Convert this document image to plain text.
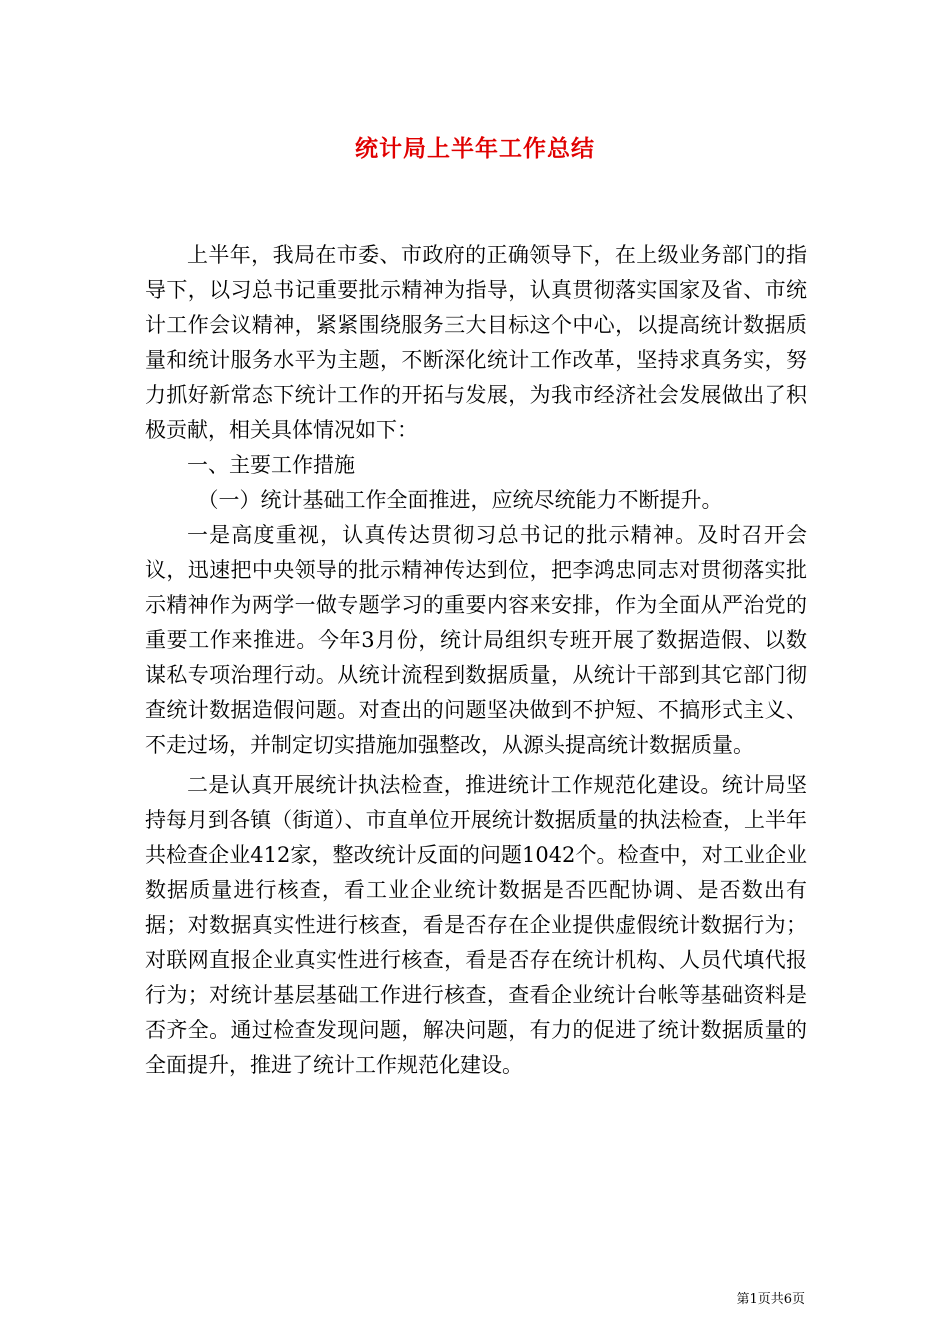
统计局上半年工作总结

上半年，我局在市委、市政府的正确领导下，在上级业务部门的指导下，以习总书记重要批示精神为指导，认真贯彻落实国家及省、市统计工作会议精神，紧紧围绕服务三大目标这个中心，以提高统计数据质量和统计服务水平为主题，不断深化统计工作改革，坚持求真务实，努力抓好新常态下统计工作的开拓与发展，为我市经济社会发展做出了积极贡献，相关具体情况如下：

一、主要工作措施

（一）统计基础工作全面推进，应统尽统能力不断提升。

一是高度重视，认真传达贯彻习总书记的批示精神。及时召开会议，迅速把中央领导的批示精神传达到位，把李鸿忠同志对贯彻落实批示精神作为两学一做专题学习的重要内容来安排，作为全面从严治党的重要工作来推进。今年3月份，统计局组织专班开展了数据造假、以数谋私专项治理行动。从统计流程到数据质量，从统计干部到其它部门彻查统计数据造假问题。对查出的问题坚决做到不护短、不搞形式主义、不走过场，并制定切实措施加强整改，从源头提高统计数据质量。

二是认真开展统计执法检查，推进统计工作规范化建设。统计局坚持每月到各镇（街道）、市直单位开展统计数据质量的执法检查，上半年共检查企业412家，整改统计反面的问题1042个。检查中，对工业企业数据质量进行核查，看工业企业统计数据是否匹配协调、是否数出有据；对数据真实性进行核查，看是否存在企业提供虚假统计数据行为；对联网直报企业真实性进行核查，看是否存在统计机构、人员代填代报行为；对统计基层基础工作进行核查，查看企业统计台帐等基础资料是否齐全。通过检查发现问题，解决问题，有力的促进了统计数据质量的全面提升，推进了统计工作规范化建设。

第1页共6页
